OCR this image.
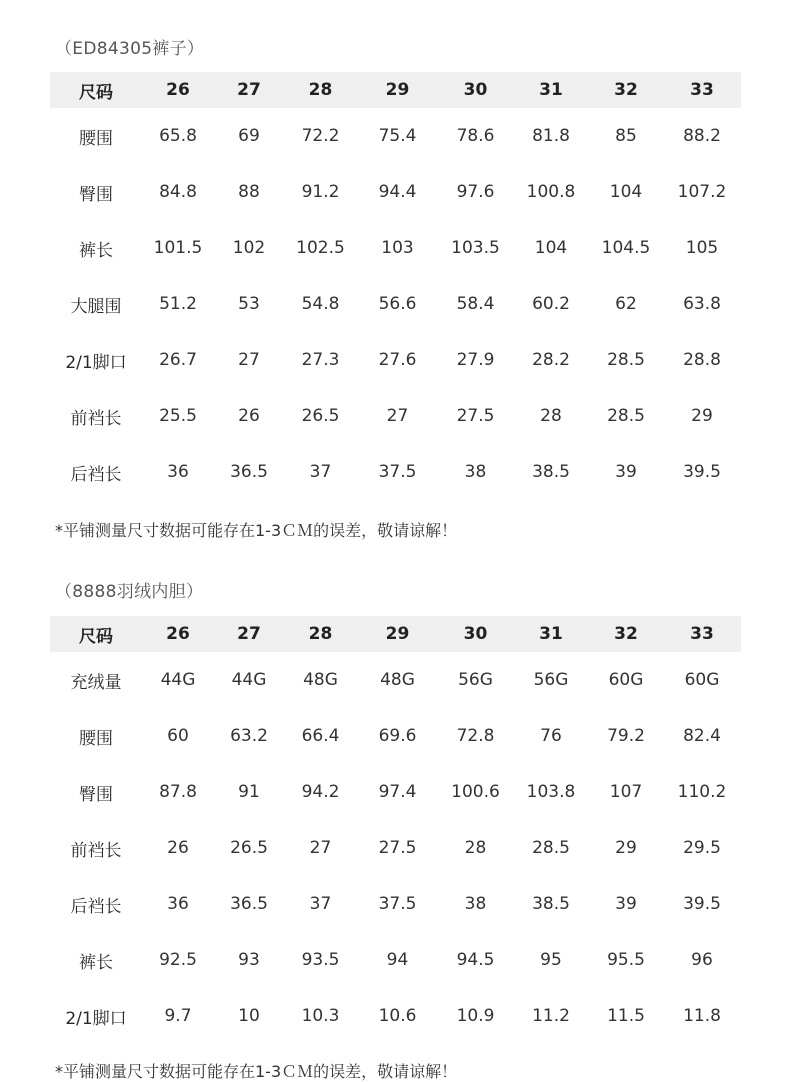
（ED84305裤子）
尺码	26	27	28	29	30	31	32	33
腰围	65.8	69	72.2	75.4	78.6	81.8	85	88.2
臀围	84.8	88	91.2	94.4	97.6	100.8	104	107.2
裤长	101.5	102	102.5	103	103.5	104	104.5	105
大腿围	51.2	53	54.8	56.6	58.4	60.2	62	63.8
2/1脚口	26.7	27	27.3	27.6	27.9	28.2	28.5	28.8
前裆长	25.5	26	26.5	27	27.5	28	28.5	29
后裆长	36	36.5	37	37.5	38	38.5	39	39.5
*平铺测量尺寸数据可能存在1-3ＣＭ的误差，敬请谅解！
（8888羽绒内胆）
尺码	26	27	28	29	30	31	32	33
充绒量	44G	44G	48G	48G	56G	56G	60G	60G
腰围	60	63.2	66.4	69.6	72.8	76	79.2	82.4
臀围	87.8	91	94.2	97.4	100.6	103.8	107	110.2
前裆长	26	26.5	27	27.5	28	28.5	29	29.5
后裆长	36	36.5	37	37.5	38	38.5	39	39.5
裤长	92.5	93	93.5	94	94.5	95	95.5	96
2/1脚口	9.7	10	10.3	10.6	10.9	11.2	11.5	11.8
*平铺测量尺寸数据可能存在1-3ＣＭ的误差，敬请谅解！
